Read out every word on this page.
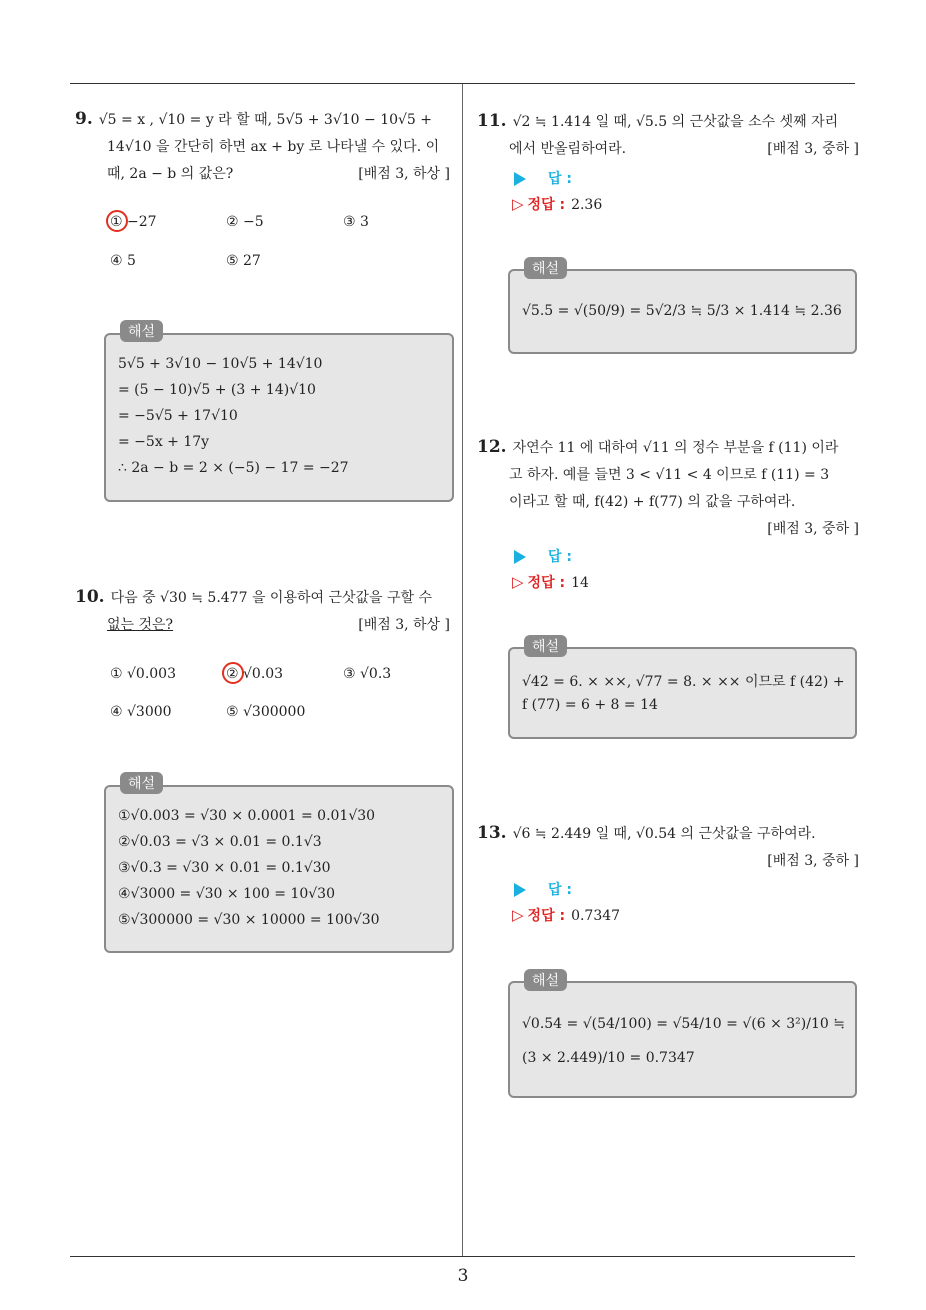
3
9. √5 = x , √10 = y 라 할 때, 5√5 + 3√10 − 10√5 +
14√10 을 간단히 하면 ax + by 로 나타낼 수 있다. 이
때, 2a − b 의 값은?	[배점 3, 하상 ]
① −27	② −5	③ 3
④ 5	⑤ 27
해설
5√5 + 3√10 − 10√5 + 14√10
= (5 − 10)√5 + (3 + 14)√10
= −5√5 + 17√10
= −5x + 17y
∴ 2a − b = 2 × (−5) − 17 = −27
10. 다음 중 √30 ≒ 5.477 을 이용하여 근삿값을 구할 수
없는 것은?	[배점 3, 하상 ]
① √0.003	② √0.03	③ √0.3
④ √3000	⑤ √300000
해설
①√0.003 = √30 × 0.0001 = 0.01√30
②√0.03 = √3 × 0.01 = 0.1√3
③√0.3 = √30 × 0.01 = 0.1√30
④√3000 = √30 × 100 = 10√30
⑤√300000 = √30 × 10000 = 100√30
11. √2 ≒ 1.414 일 때, √5.5 의 근삿값을 소수 셋째 자리
에서 반올림하여라.	[배점 3, 중하 ]
답 :
▷ 정답 : 2.36
해설
√5.5 = √(50/9) = 5√2/3 ≒ 5/3 × 1.414 ≒ 2.36
12. 자연수 11 에 대하여 √11 의 정수 부분을 f (11) 이라
고 하자. 예를 들면 3 < √11 < 4 이므로 f (11) = 3
이라고 할 때, f(42) + f(77) 의 값을 구하여라.
[배점 3, 중하 ]
답 :
▷ 정답 : 14
해설
√42 = 6. × ××, √77 = 8. × ×× 이므로 f (42) +
f (77) = 6 + 8 = 14
13. √6 ≒ 2.449 일 때, √0.54 의 근삿값을 구하여라.
[배점 3, 중하 ]
답 :
▷ 정답 : 0.7347
해설
√0.54 = √(54/100) = √54/10 = √(6 × 3²)/10 ≒
(3 × 2.449)/10 = 0.7347
